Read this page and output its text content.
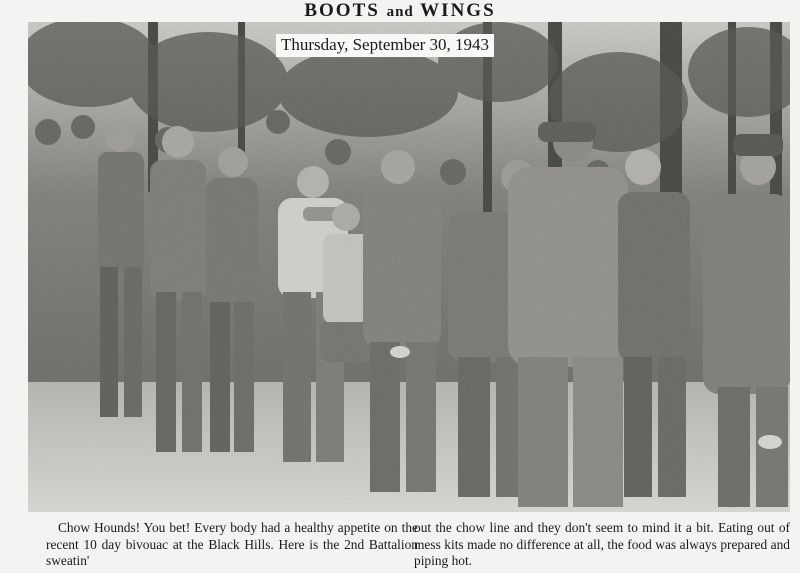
BOOTS and WINGS
Thursday, September 30, 1943
Chow Hounds! You bet! Every body had a healthy appetite on the recent 10 day bivouac at the Black Hills. Here is the 2nd Battalion sweatin'
out the chow line and they don't seem to mind it a bit. Eating out of mess kits made no difference at all, the food was always prepared and piping hot.
